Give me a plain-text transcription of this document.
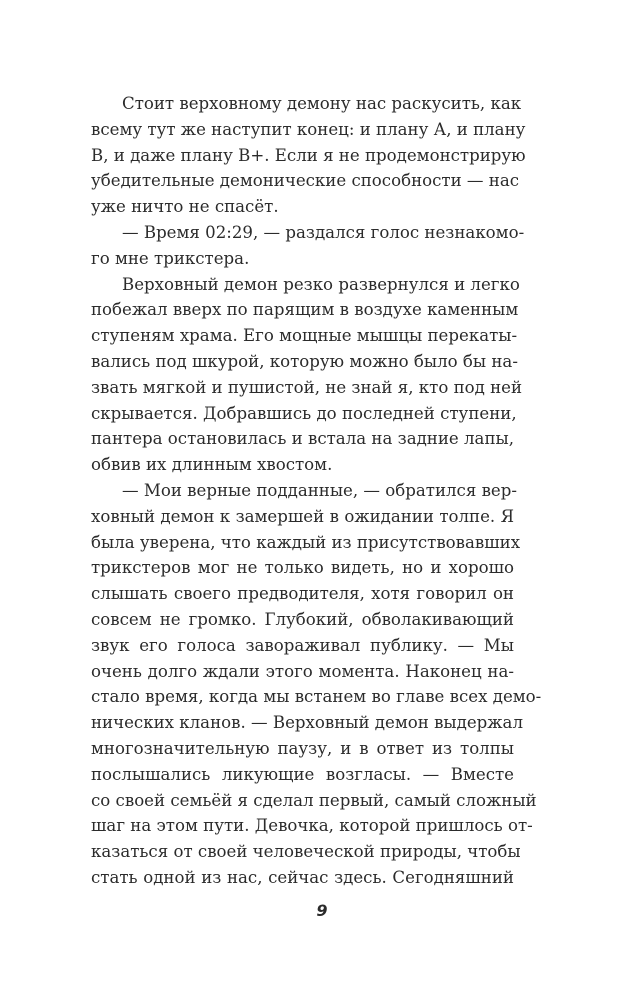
Стоит верховному демону нас раскусить, как
всему тут же наступит конец: и плану А, и плану
В, и даже плану В+. Если я не продемонстрирую
убедительные демонические способности — нас
уже ничто не спасёт.
— Время 02:29, — раздался голос незнакомо-
го мне трикстера.
Верховный демон резко развернулся и легко
побежал вверх по парящим в воздухе каменным
ступеням храма. Его мощные мышцы перекаты-
вались под шкурой, которую можно было бы на-
звать мягкой и пушистой, не знай я, кто под ней
скрывается. Добравшись до последней ступени,
пантера остановилась и встала на задние лапы,
обвив их длинным хвостом.
— Мои верные подданные, — обратился вер-
ховный демон к замершей в ожидании толпе. Я
была уверена, что каждый из присутствовавших
трикстеров мог не только видеть, но и хорошо
слышать своего предводителя, хотя говорил он
совсем не громко. Глубокий, обволакивающий
звук его голоса завораживал публику. — Мы
очень долго ждали этого момента. Наконец на-
стало время, когда мы встанем во главе всех демо-
нических кланов. — Верховный демон выдержал
многозначительную паузу, и в ответ из толпы
послышались ликующие возгласы. — Вместе
со своей семьёй я сделал первый, самый сложный
шаг на этом пути. Девочка, которой пришлось от-
казаться от своей человеческой природы, чтобы
стать одной из нас, сейчас здесь. Сегодняшний
9
